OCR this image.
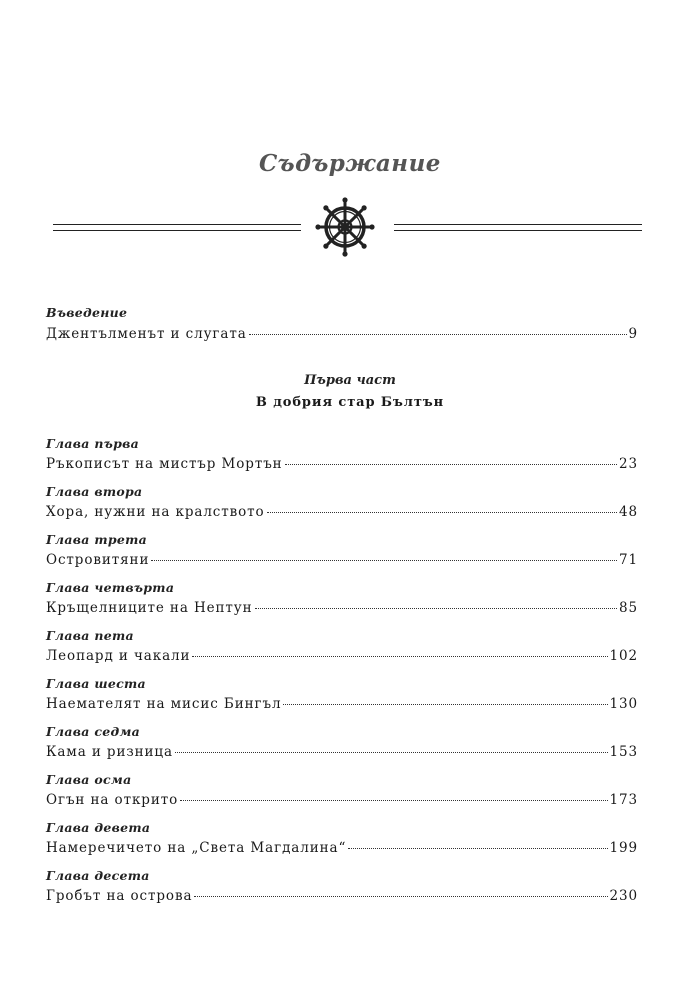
Съдържание
Въведение
Джентълменът и слугата	9
Първа част
В добрия стар Бълтън
Глава първа
Ръкописът на мистър Мортън	23
Глава втора
Хора, нужни на кралството	48
Глава трета
Островитяни	71
Глава четвърта
Кръщелниците на Нептун	85
Глава пета
Леопард и чакали	102
Глава шеста
Наемателят на мисис Бингъл	130
Глава седма
Кама и ризница	153
Глава осма
Огън на открито	173
Глава девета
Намеречичето на „Света Магдалина“	199
Глава десета
Гробът на острова	230
